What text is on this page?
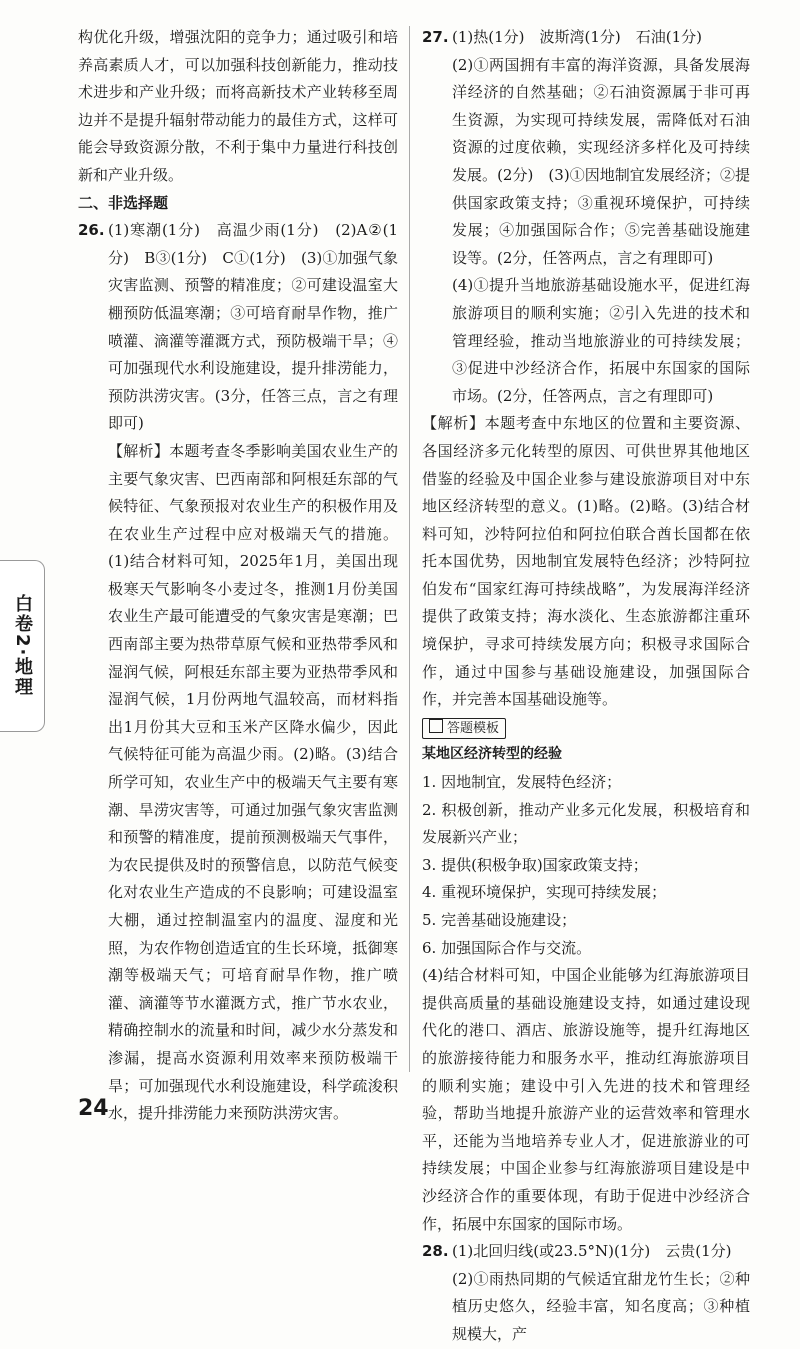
构优化升级，增强沈阳的竞争力；通过吸引和培养高素质人才，可以加强科技创新能力，推动技术进步和产业升级；而将高新技术产业转移至周边并不是提升辐射带动能力的最佳方式，这样可能会导致资源分散，不利于集中力量进行科技创新和产业升级。

二、非选择题

26. (1)寒潮(1分)　高温少雨(1分)　(2)A②(1分)　B③(1分)　C①(1分)　(3)①加强气象灾害监测、预警的精准度；②可建设温室大棚预防低温寒潮；③可培育耐旱作物，推广喷灌、滴灌等灌溉方式，预防极端干旱；④可加强现代水利设施建设，提升排涝能力，预防洪涝灾害。(3分，任答三点，言之有理即可)

【解析】本题考查冬季影响美国农业生产的主要气象灾害、巴西南部和阿根廷东部的气候特征、气象预报对农业生产的积极作用及在农业生产过程中应对极端天气的措施。(1)结合材料可知，2025年1月，美国出现极寒天气影响冬小麦过冬，推测1月份美国农业生产最可能遭受的气象灾害是寒潮；巴西南部主要为热带草原气候和亚热带季风和湿润气候，阿根廷东部主要为亚热带季风和湿润气候，1月份两地气温较高，而材料指出1月份其大豆和玉米产区降水偏少，因此气候特征可能为高温少雨。(2)略。(3)结合所学可知，农业生产中的极端天气主要有寒潮、旱涝灾害等，可通过加强气象灾害监测和预警的精准度，提前预测极端天气事件，为农民提供及时的预警信息，以防范气候变化对农业生产造成的不良影响；可建设温室大棚，通过控制温室内的温度、湿度和光照，为农作物创造适宜的生长环境，抵御寒潮等极端天气；可培育耐旱作物，推广喷灌、滴灌等节水灌溉方式，推广节水农业，精确控制水的流量和时间，减少水分蒸发和渗漏，提高水资源利用效率来预防极端干旱；可加强现代水利设施建设，科学疏浚积水，提升排涝能力来预防洪涝灾害。

27. (1)热(1分)　波斯湾(1分)　石油(1分)

(2)①两国拥有丰富的海洋资源，具备发展海洋经济的自然基础；②石油资源属于非可再生资源，为实现可持续发展，需降低对石油资源的过度依赖，实现经济多样化及可持续发展。(2分)　(3)①因地制宜发展经济；②提供国家政策支持；③重视环境保护，可持续发展；④加强国际合作；⑤完善基础设施建设等。(2分，任答两点，言之有理即可)

(4)①提升当地旅游基础设施水平，促进红海旅游项目的顺利实施；②引入先进的技术和管理经验，推动当地旅游业的可持续发展；③促进中沙经济合作，拓展中东国家的国际市场。(2分，任答两点，言之有理即可)

【解析】本题考查中东地区的位置和主要资源、各国经济多元化转型的原因、可供世界其他地区借鉴的经验及中国企业参与建设旅游项目对中东地区经济转型的意义。(1)略。(2)略。(3)结合材料可知，沙特阿拉伯和阿拉伯联合酋长国都在依托本国优势，因地制宜发展特色经济；沙特阿拉伯发布“国家红海可持续战略”，为发展海洋经济提供了政策支持；海水淡化、生态旅游都注重环境保护，寻求可持续发展方向；积极寻求国际合作，通过中国参与基础设施建设，加强国际合作，并完善本国基础设施等。

答题模板

某地区经济转型的经验

1. 因地制宜，发展特色经济；

2. 积极创新，推动产业多元化发展，积极培育和发展新兴产业；

3. 提供(积极争取)国家政策支持；

4. 重视环境保护，实现可持续发展；

5. 完善基础设施建设；

6. 加强国际合作与交流。

(4)结合材料可知，中国企业能够为红海旅游项目提供高质量的基础设施建设支持，如通过建设现代化的港口、酒店、旅游设施等，提升红海地区的旅游接待能力和服务水平，推动红海旅游项目的顺利实施；建设中引入先进的技术和管理经验，帮助当地提升旅游产业的运营效率和管理水平，还能为当地培养专业人才，促进旅游业的可持续发展；中国企业参与红海旅游项目建设是中沙经济合作的重要体现，有助于促进中沙经济合作，拓展中东国家的国际市场。

28. (1)北回归线(或23.5°N)(1分)　云贵(1分)

(2)①雨热同期的气候适宜甜龙竹生长；②种植历史悠久，经验丰富，知名度高；③种植规模大，产

白卷2·地理
24
